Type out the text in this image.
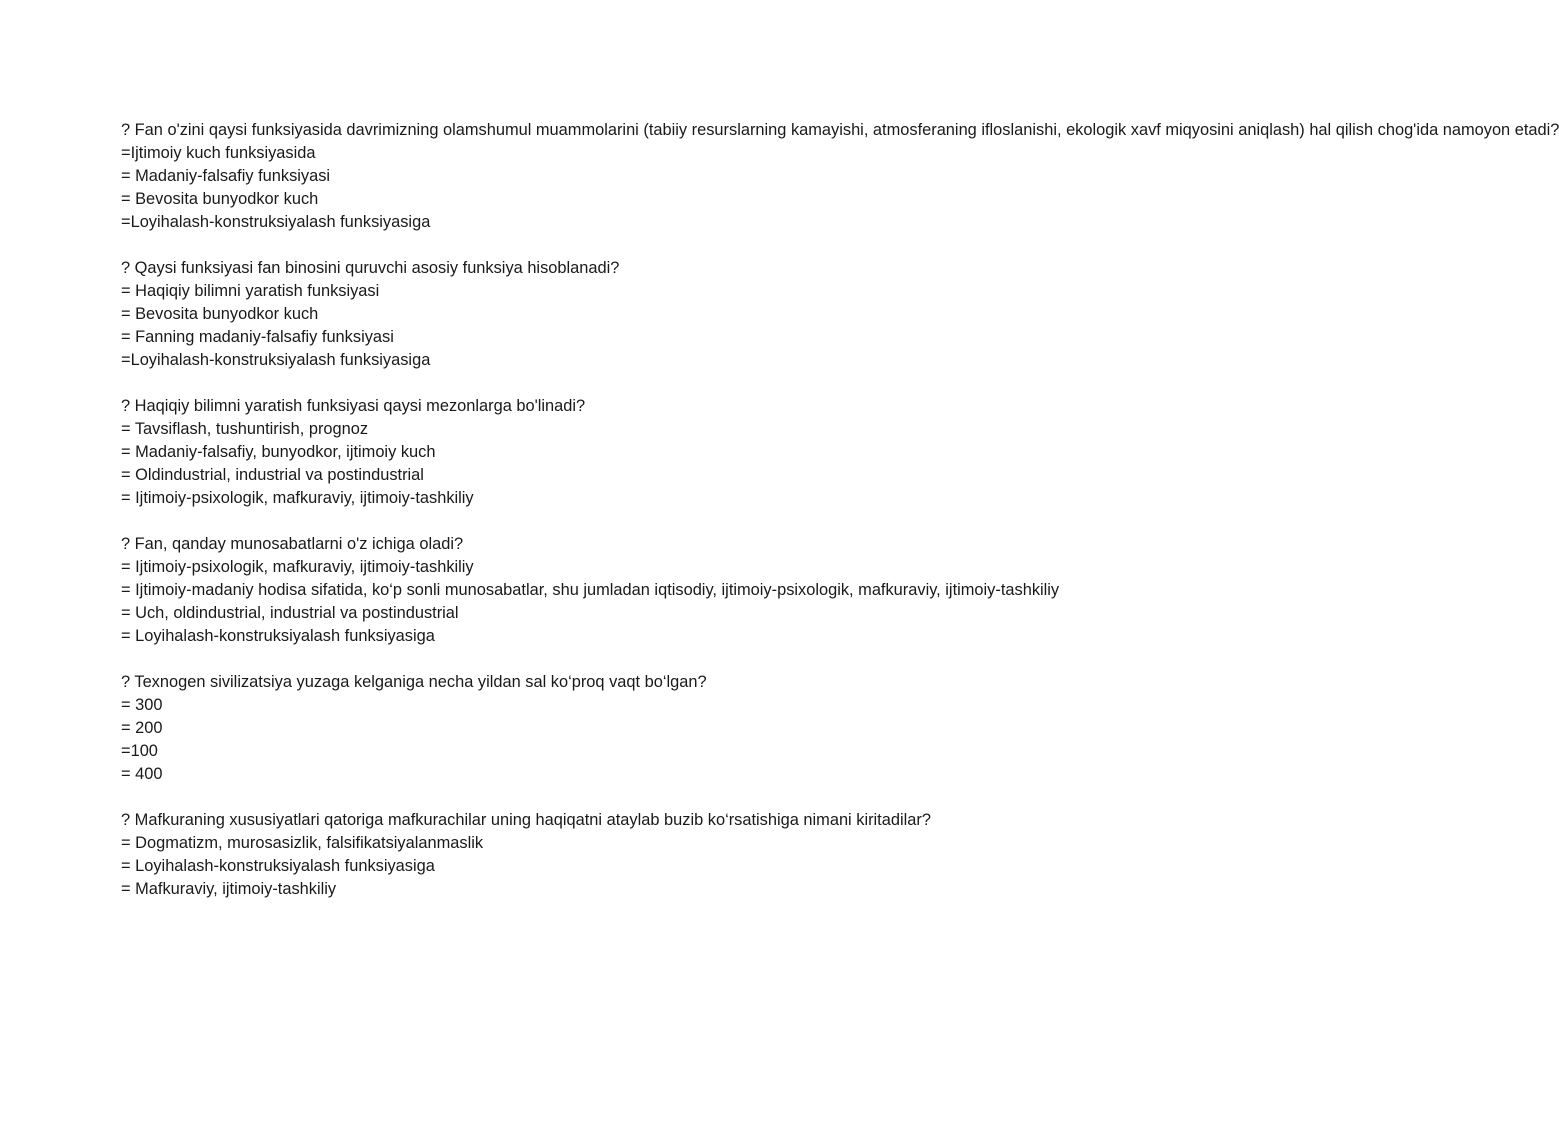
? Fan o'zini qaysi funksiyasida davrimizning olamshumul muammolarini (tabiiy resurslarning kamayishi, atmosferaning ifloslanishi, ekologik xavf miqyosini aniqlash) hal qilish chog'ida namoyon etadi?
=Ijtimoiy kuch funksiyasida
= Madaniy-falsafiy funksiyasi
= Bevosita bunyodkor kuch
=Loyihalash-konstruksiyalash funksiyasiga
? Qaysi funksiyasi fan binosini quruvchi asosiy funksiya hisoblanadi?
= Haqiqiy bilimni yaratish funksiyasi
= Bevosita bunyodkor kuch
= Fanning madaniy-falsafiy funksiyasi
=Loyihalash-konstruksiyalash funksiyasiga
? Haqiqiy bilimni yaratish funksiyasi qaysi mezonlarga bo'linadi?
= Tavsiflash, tushuntirish, prognoz
= Madaniy-falsafiy, bunyodkor, ijtimoiy kuch
= Oldindustrial, industrial va postindustrial
= Ijtimoiy-psixologik, mafkuraviy, ijtimoiy-tashkiliy
? Fan, qanday munosabatlarni o'z ichiga oladi?
= Ijtimoiy-psixologik, mafkuraviy, ijtimoiy-tashkiliy
= Ijtimoiy-madaniy hodisa sifatida, ko‘p sonli munosabatlar, shu jumladan iqtisodiy, ijtimoiy-psixologik, mafkuraviy, ijtimoiy-tashkiliy
= Uch, oldindustrial, industrial va postindustrial
= Loyihalash-konstruksiyalash funksiyasiga
? Texnogen sivilizatsiya yuzaga kelganiga necha yildan sal ko‘proq vaqt bo‘lgan?
= 300
= 200
=100
= 400
? Mafkuraning xususiyatlari qatoriga mafkurachilar uning haqiqatni ataylab buzib ko‘rsatishiga nimani kiritadilar?
= Dogmatizm, murosasizlik, falsifikatsiyalanmaslik
= Loyihalash-konstruksiyalash funksiyasiga
= Mafkuraviy, ijtimoiy-tashkiliy
